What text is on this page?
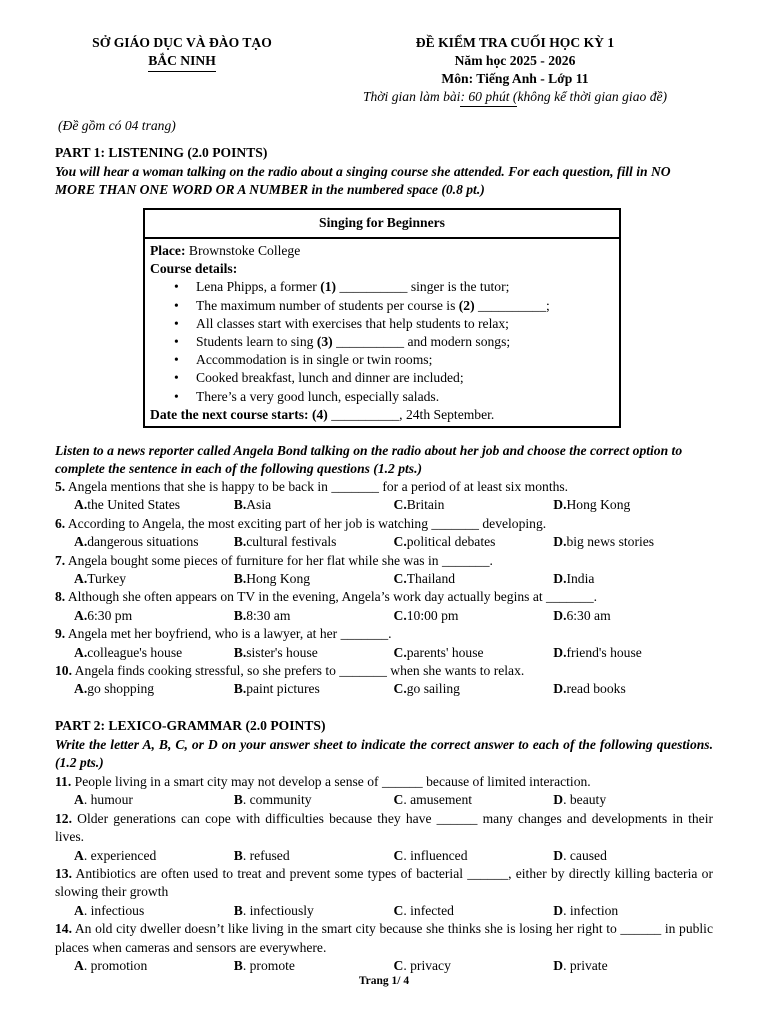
SỞ GIÁO DỤC VÀ ĐÀO TẠO
BẮC NINH
ĐỀ KIỂM TRA CUỐI HỌC KỲ 1
Năm học 2025 - 2026
Môn: Tiếng Anh - Lớp 11
Thời gian làm bài: 60 phút (không kể thời gian giao đề)
(Đề gồm có 04 trang)
PART 1: LISTENING (2.0 POINTS)
You will hear a woman talking on the radio about a singing course she attended. For each question, fill in NO MORE THAN ONE WORD OR A NUMBER in the numbered space (0.8 pt.)
Singing for Beginners
Place: Brownstoke College
Course details:
• Lena Phipps, a former (1) __________ singer is the tutor;
• The maximum number of students per course is (2) __________;
• All classes start with exercises that help students to relax;
• Students learn to sing (3) __________ and modern songs;
• Accommodation is in single or twin rooms;
• Cooked breakfast, lunch and dinner are included;
• There’s a very good lunch, especially salads.
Date the next course starts: (4) __________, 24th September.
Listen to a news reporter called Angela Bond talking on the radio about her job and choose the correct option to complete the sentence in each of the following questions (1.2 pts.)
5. Angela mentions that she is happy to be back in _______ for a period of at least six months.
A.the United States	B.Asia	C.Britain	D.Hong Kong
6. According to Angela, the most exciting part of her job is watching _______ developing.
A.dangerous situations	B.cultural festivals	C.political debates	D.big news stories
7. Angela bought some pieces of furniture for her flat while she was in _______.
A.Turkey	B.Hong Kong	C.Thailand	D.India
8. Although she often appears on TV in the evening, Angela’s work day actually begins at _______.
A.6:30 pm	B.8:30 am	C.10:00 pm	D.6:30 am
9. Angela met her boyfriend, who is a lawyer, at her _______.
A.colleague's house	B.sister's house	C.parents' house	D.friend's house
10. Angela finds cooking stressful, so she prefers to _______ when she wants to relax.
A.go shopping	B.paint pictures	C.go sailing	D.read books
PART 2: LEXICO-GRAMMAR (2.0 POINTS)
Write the letter A, B, C, or D on your answer sheet to indicate the correct answer to each of the following questions. (1.2 pts.)
11. People living in a smart city may not develop a sense of ______ because of limited interaction.
A. humour	B. community	C. amusement	D. beauty
12. Older generations can cope with difficulties because they have ______ many changes and developments in their lives.
A. experienced	B. refused	C. influenced	D. caused
13. Antibiotics are often used to treat and prevent some types of bacterial ______, either by directly killing bacteria or slowing their growth
A. infectious	B. infectiously	C. infected	D. infection
14. An old city dweller doesn’t like living in the smart city because she thinks she is losing her right to ______ in public places when cameras and sensors are everywhere.
A. promotion	B. promote	C. privacy	D. private
Trang 1/ 4
